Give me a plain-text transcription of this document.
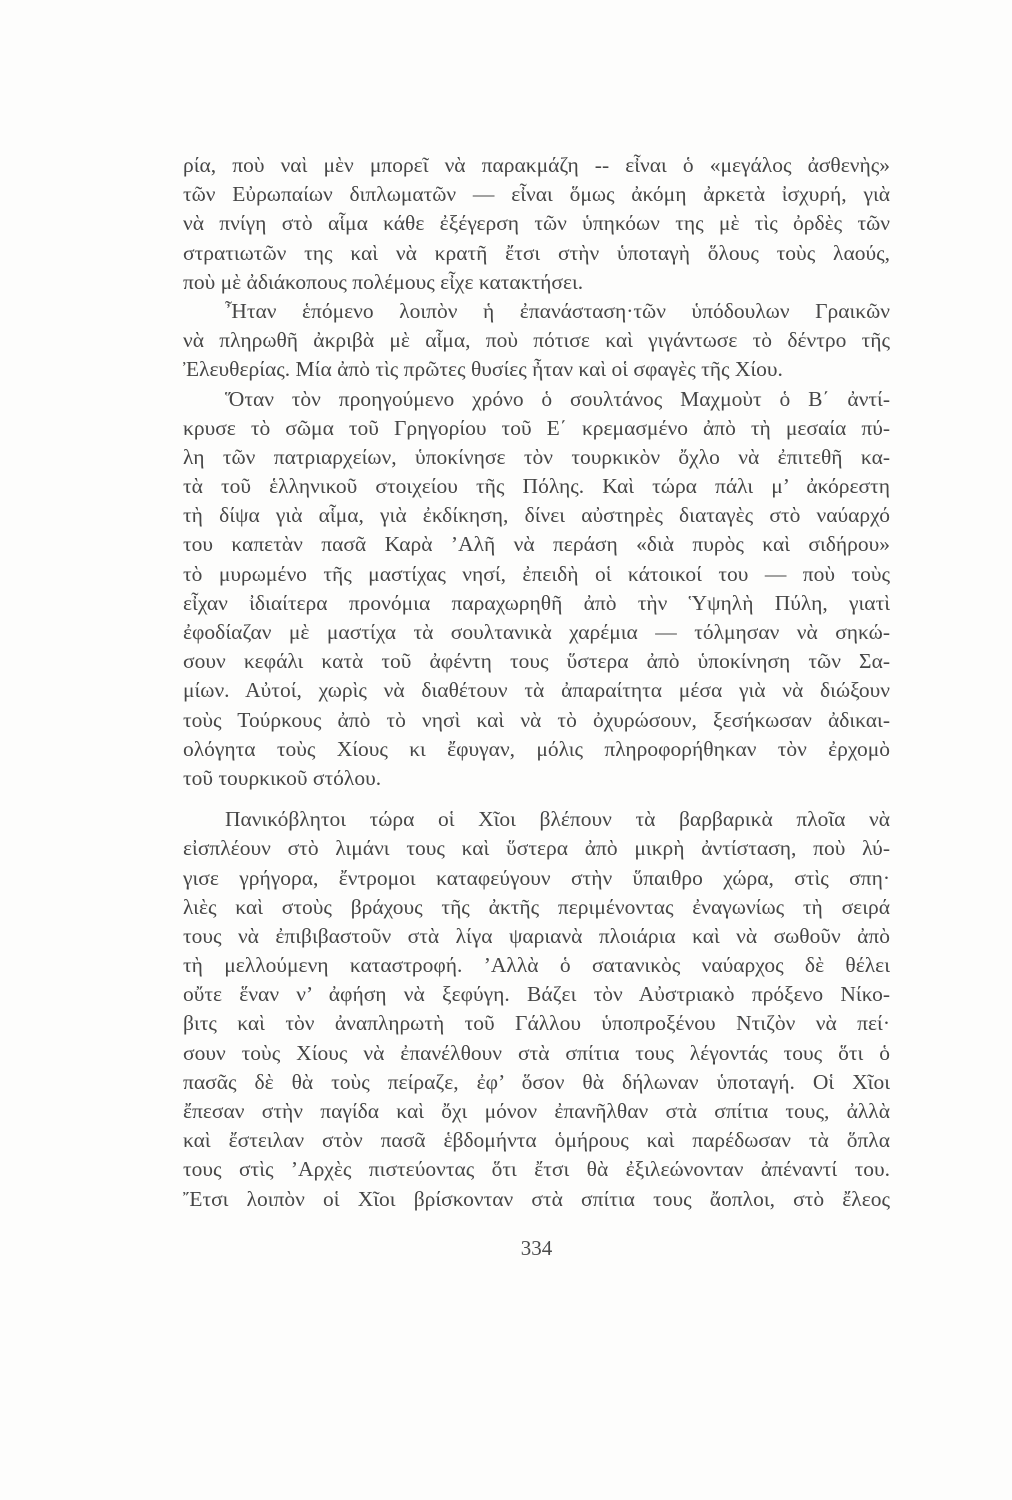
ρία, ποὺ ναὶ μὲν μπορεῖ νὰ παρακμάζη -- εἶναι ὁ «μεγάλος ἀσθενὴς»
τῶν Εὐρωπαίων διπλωματῶν — εἶναι ὅμως ἀκόμη ἀρκετὰ ἰσχυρή, γιὰ
νὰ πνίγη στὸ αἷμα κάθε ἐξέγερση τῶν ὑπηκόων της μὲ τὶς ὀρδὲς τῶν
στρατιωτῶν της καὶ νὰ κρατῆ ἔτσι στὴν ὑποταγὴ ὅλους τοὺς λαούς,
ποὺ μὲ ἀδιάκοπους πολέμους εἶχε κατακτήσει.
Ἦταν ἑπόμενο λοιπὸν ἡ ἐπανάσταση·τῶν ὑπόδουλων Γραικῶν
νὰ πληρωθῆ ἀκριβὰ μὲ αἷμα, ποὺ πότισε καὶ γιγάντωσε τὸ δέντρο τῆς
Ἐλευθερίας. Μία ἀπὸ τὶς πρῶτες θυσίες ἦταν καὶ οἱ σφαγὲς τῆς Χίου.
Ὅταν τὸν προηγούμενο χρόνο ὁ σουλτάνος Μαχμοὺτ ὁ Β΄ ἀντί-
κρυσε τὸ σῶμα τοῦ Γρηγορίου τοῦ Ε΄ κρεμασμένο ἀπὸ τὴ μεσαία πύ-
λη τῶν πατριαρχείων, ὑποκίνησε τὸν τουρκικὸν ὄχλο νὰ ἐπιτεθῆ κα-
τὰ τοῦ ἑλληνικοῦ στοιχείου τῆς Πόλης. Καὶ τώρα πάλι μ’ ἀκόρεστη
τὴ δίψα γιὰ αἷμα, γιὰ ἐκδίκηση, δίνει αὐστηρὲς διαταγὲς στὸ ναύαρχό
του καπετὰν πασᾶ Καρὰ ’Αλῆ νὰ περάση «διὰ πυρὸς καὶ σιδήρου»
τὸ μυρωμένο τῆς μαστίχας νησί, ἐπειδὴ οἱ κάτοικοί του — ποὺ τοὺς
εἶχαν ἰδιαίτερα προνόμια παραχωρηθῆ ἀπὸ τὴν Ὑψηλὴ Πύλη, γιατὶ
ἐφοδίαζαν μὲ μαστίχα τὰ σουλτανικὰ χαρέμια — τόλμησαν νὰ σηκώ-
σουν κεφάλι κατὰ τοῦ ἀφέντη τους ὕστερα ἀπὸ ὑποκίνηση τῶν Σα-
μίων. Αὐτοί, χωρὶς νὰ διαθέτουν τὰ ἀπαραίτητα μέσα γιὰ νὰ διώξουν
τοὺς Τούρκους ἀπὸ τὸ νησὶ καὶ νὰ τὸ ὀχυρώσουν, ξεσήκωσαν ἀδικαι-
ολόγητα τοὺς Χίους κι ἔφυγαν, μόλις πληροφορήθηκαν τὸν ἐρχομὸ
τοῦ τουρκικοῦ στόλου.
Πανικόβλητοι τώρα οἱ Χῖοι βλέπουν τὰ βαρβαρικὰ πλοῖα νὰ
εἰσπλέουν στὸ λιμάνι τους καὶ ὕστερα ἀπὸ μικρὴ ἀντίσταση, ποὺ λύ-
γισε γρήγορα, ἔντρομοι καταφεύγουν στὴν ὕπαιθρο χώρα, στὶς σπη·
λιὲς καὶ στοὺς βράχους τῆς ἀκτῆς περιμένοντας ἐναγωνίως τὴ σειρά
τους νὰ ἐπιβιβαστοῦν στὰ λίγα ψαριανὰ πλοιάρια καὶ νὰ σωθοῦν ἀπὸ
τὴ μελλούμενη καταστροφή. ’Αλλὰ ὁ σατανικὸς ναύαρχος δὲ θέλει
οὔτε ἕναν ν’ ἀφήση νὰ ξεφύγη. Βάζει τὸν Αὐστριακὸ πρόξενο Νίκο-
βιτς καὶ τὸν ἀναπληρωτὴ τοῦ Γάλλου ὑποπροξένου Ντιζὸν νὰ πεί·
σουν τοὺς Χίους νὰ ἐπανέλθουν στὰ σπίτια τους λέγοντάς τους ὅτι ὁ
πασᾶς δὲ θὰ τοὺς πείραζε, ἐφ’ ὅσον θὰ δήλωναν ὑποταγή. Οἱ Χῖοι
ἔπεσαν στὴν παγίδα καὶ ὄχι μόνον ἐπανῆλθαν στὰ σπίτια τους, ἀλλὰ
καὶ ἔστειλαν στὸν πασᾶ ἑβδομήντα ὁμήρους καὶ παρέδωσαν τὰ ὅπλα
τους στὶς ’Αρχὲς πιστεύοντας ὅτι ἔτσι θὰ ἐξιλεώνονταν ἀπέναντί του.
Ἔτσι λοιπὸν οἱ Χῖοι βρίσκονταν στὰ σπίτια τους ἄοπλοι, στὸ ἔλεος
334
